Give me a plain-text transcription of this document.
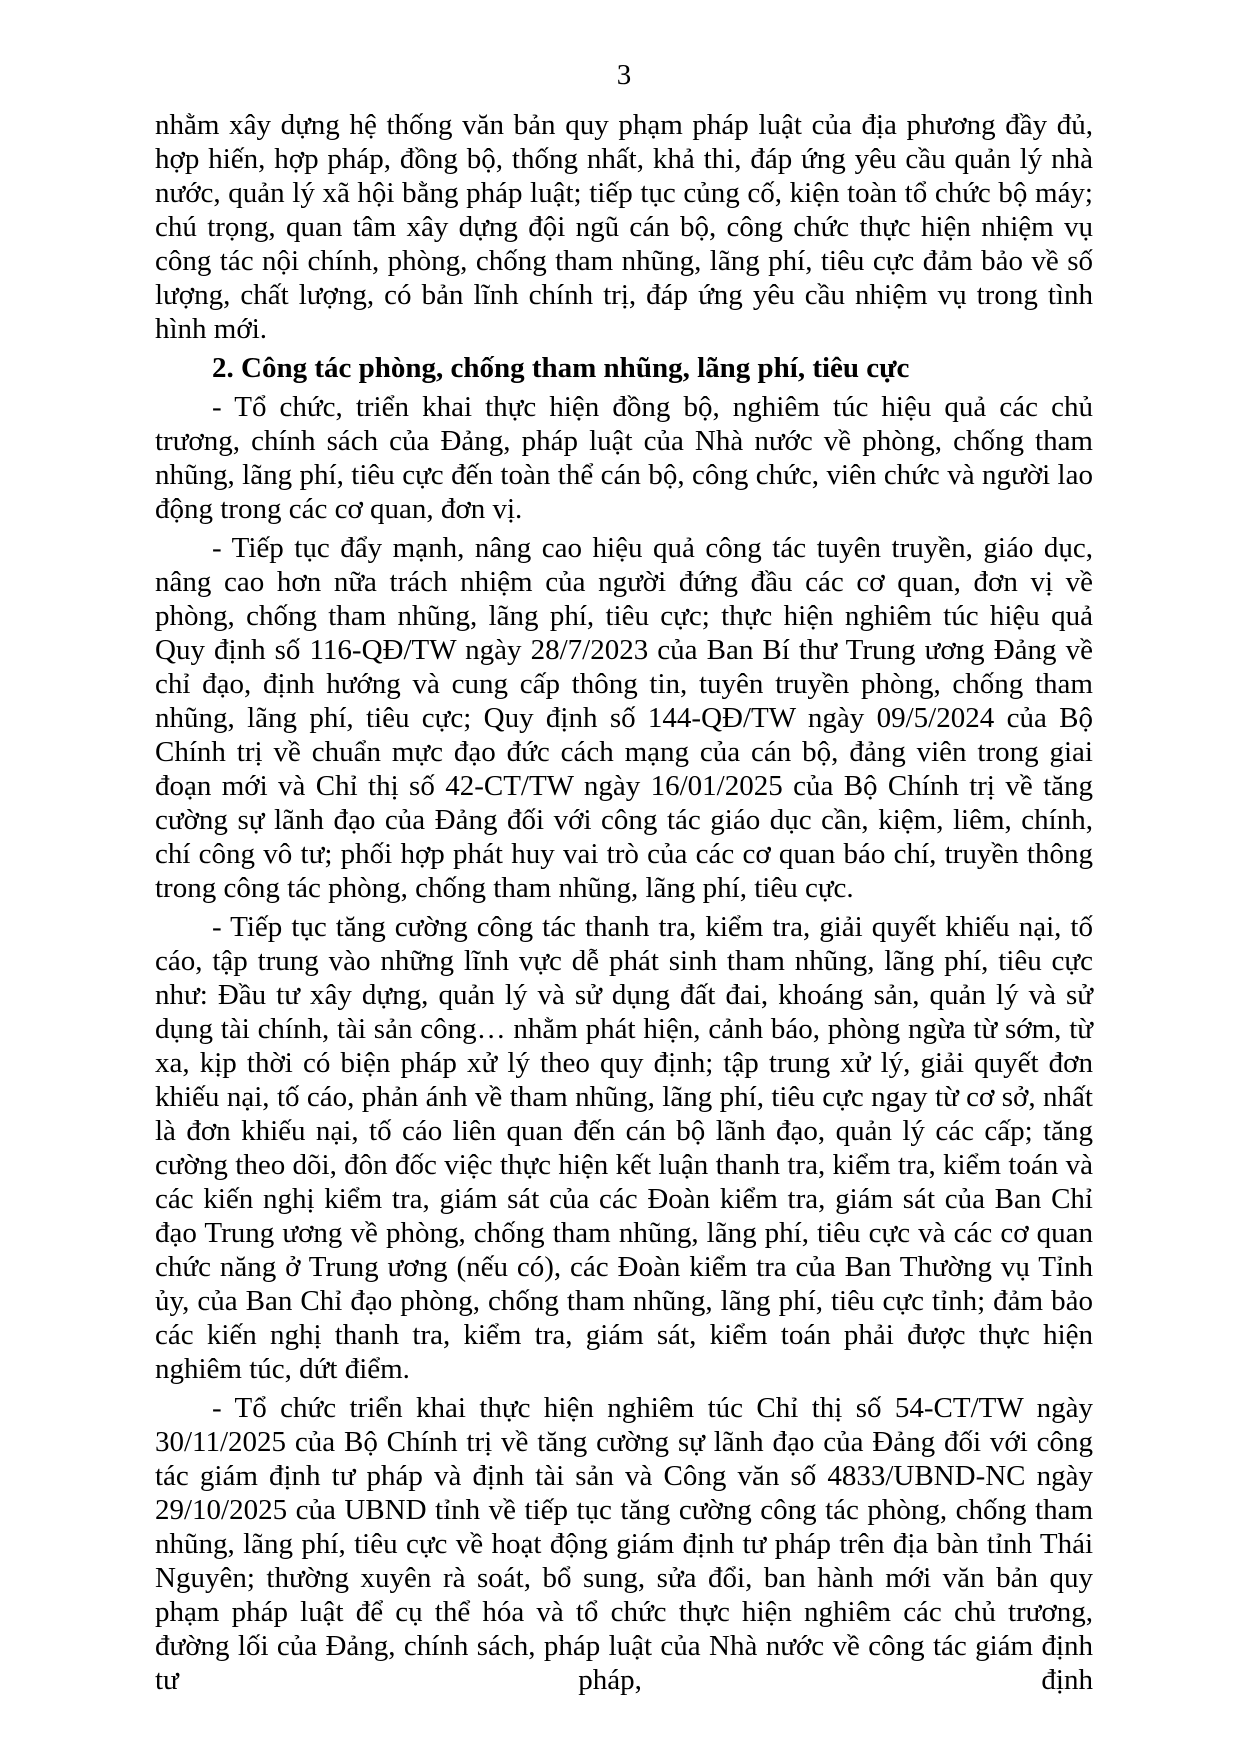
3

nhằm xây dựng hệ thống văn bản quy phạm pháp luật của địa phương đầy đủ, hợp hiến, hợp pháp, đồng bộ, thống nhất, khả thi, đáp ứng yêu cầu quản lý nhà nước, quản lý xã hội bằng pháp luật; tiếp tục củng cố, kiện toàn tổ chức bộ máy; chú trọng, quan tâm xây dựng đội ngũ cán bộ, công chức thực hiện nhiệm vụ công tác nội chính, phòng, chống tham nhũng, lãng phí, tiêu cực đảm bảo về số lượng, chất lượng, có bản lĩnh chính trị, đáp ứng yêu cầu nhiệm vụ trong tình hình mới.

2. Công tác phòng, chống tham nhũng, lãng phí, tiêu cực

- Tổ chức, triển khai thực hiện đồng bộ, nghiêm túc hiệu quả các chủ trương, chính sách của Đảng, pháp luật của Nhà nước về phòng, chống tham nhũng, lãng phí, tiêu cực đến toàn thể cán bộ, công chức, viên chức và người lao động trong các cơ quan, đơn vị.

- Tiếp tục đẩy mạnh, nâng cao hiệu quả công tác tuyên truyền, giáo dục, nâng cao hơn nữa trách nhiệm của người đứng đầu các cơ quan, đơn vị về phòng, chống tham nhũng, lãng phí, tiêu cực; thực hiện nghiêm túc hiệu quả Quy định số 116-QĐ/TW ngày 28/7/2023 của Ban Bí thư Trung ương Đảng về chỉ đạo, định hướng và cung cấp thông tin, tuyên truyền phòng, chống tham nhũng, lãng phí, tiêu cực; Quy định số 144-QĐ/TW ngày 09/5/2024 của Bộ Chính trị về chuẩn mực đạo đức cách mạng của cán bộ, đảng viên trong giai đoạn mới và Chỉ thị số 42-CT/TW ngày 16/01/2025 của Bộ Chính trị về tăng cường sự lãnh đạo của Đảng đối với công tác giáo dục cần, kiệm, liêm, chính, chí công vô tư; phối hợp phát huy vai trò của các cơ quan báo chí, truyền thông trong công tác phòng, chống tham nhũng, lãng phí, tiêu cực.

- Tiếp tục tăng cường công tác thanh tra, kiểm tra, giải quyết khiếu nại, tố cáo, tập trung vào những lĩnh vực dễ phát sinh tham nhũng, lãng phí, tiêu cực như: Đầu tư xây dựng, quản lý và sử dụng đất đai, khoáng sản, quản lý và sử dụng tài chính, tài sản công… nhằm phát hiện, cảnh báo, phòng ngừa từ sớm, từ xa, kịp thời có biện pháp xử lý theo quy định; tập trung xử lý, giải quyết đơn khiếu nại, tố cáo, phản ánh về tham nhũng, lãng phí, tiêu cực ngay từ cơ sở, nhất là đơn khiếu nại, tố cáo liên quan đến cán bộ lãnh đạo, quản lý các cấp; tăng cường theo dõi, đôn đốc việc thực hiện kết luận thanh tra, kiểm tra, kiểm toán và các kiến nghị kiểm tra, giám sát của các Đoàn kiểm tra, giám sát của Ban Chỉ đạo Trung ương về phòng, chống tham nhũng, lãng phí, tiêu cực và các cơ quan chức năng ở Trung ương (nếu có), các Đoàn kiểm tra của Ban Thường vụ Tỉnh ủy, của Ban Chỉ đạo phòng, chống tham nhũng, lãng phí, tiêu cực tỉnh; đảm bảo các kiến nghị thanh tra, kiểm tra, giám sát, kiểm toán phải được thực hiện nghiêm túc, dứt điểm.

- Tổ chức triển khai thực hiện nghiêm túc Chỉ thị số 54-CT/TW ngày 30/11/2025 của Bộ Chính trị về tăng cường sự lãnh đạo của Đảng đối với công tác giám định tư pháp và định tài sản và Công văn số 4833/UBND-NC ngày 29/10/2025 của UBND tỉnh về tiếp tục tăng cường công tác phòng, chống tham nhũng, lãng phí, tiêu cực về hoạt động giám định tư pháp trên địa bàn tỉnh Thái Nguyên; thường xuyên rà soát, bổ sung, sửa đổi, ban hành mới văn bản quy phạm pháp luật để cụ thể hóa và tổ chức thực hiện nghiêm các chủ trương, đường lối của Đảng, chính sách, pháp luật của Nhà nước về công tác giám định tư pháp, định
